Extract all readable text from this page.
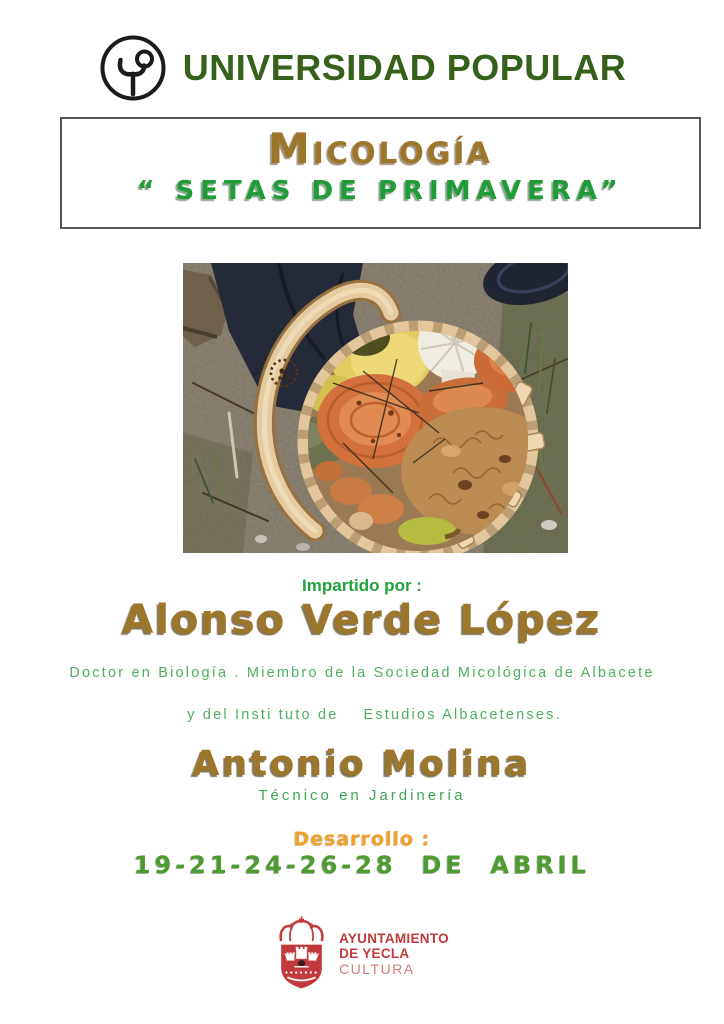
UNIVERSIDAD POPULAR
Micología
“ SETAS DE PRIMAVERA”
Impartido por :
Alonso Verde López
Doctor en Biología . Miembro de la Sociedad Micológica de Albacete

y del Insti tuto de    Estudios Albacetenses.
Antonio Molina
Técnico en Jardinería
Desarrollo :
19-21-24-26-28  DE  ABRIL
Y	Y
AYUNTAMIENTO
DE YECLA
CULTURA
